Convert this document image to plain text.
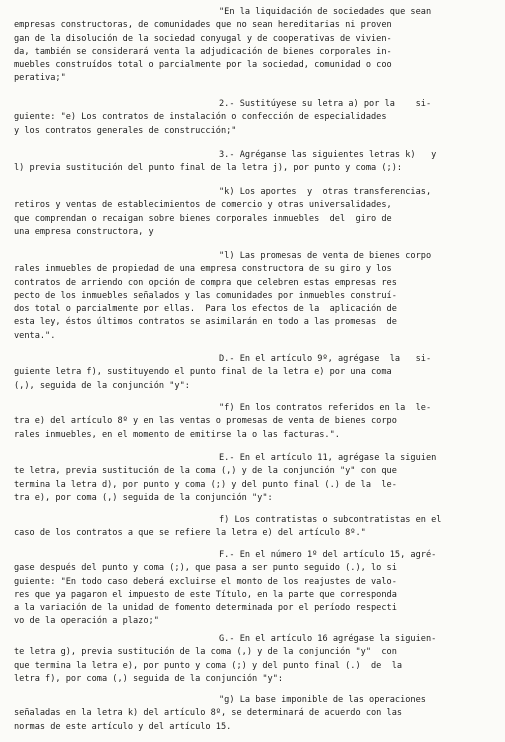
"En la liquidación de sociedades que sean
empresas constructoras, de comunidades que no sean hereditarias ni proven
gan de la disolución de la sociedad conyugal y de cooperativas de vivien-
da, también se considerará venta la adjudicación de bienes corporales in-
muebles construídos total o parcialmente por la sociedad, comunidad o coo
perativa;"
2.- Sustitúyese su letra a) por la    si-
guiente: "e) Los contratos de instalación o confección de especialidades
y los contratos generales de construcción;"
3.- Agréganse las siguientes letras k)   y
l) previa sustitución del punto final de la letra j), por punto y coma (;):
"k) Los aportes  y  otras transferencias,
retiros y ventas de establecimientos de comercio y otras universalidades,
que comprendan o recaigan sobre bienes corporales inmuebles  del  giro de
una empresa constructora, y
"l) Las promesas de venta de bienes corpo
rales inmuebles de propiedad de una empresa constructora de su giro y los
contratos de arriendo con opción de compra que celebren estas empresas res
pecto de los inmuebles señalados y las comunidades por inmuebles construí-
dos total o parcialmente por ellas.  Para los efectos de la  aplicación de
esta ley, éstos últimos contratos se asimilarán en todo a las promesas  de
venta.".
D.- En el artículo 9º, agrégase  la   si-
guiente letra f), sustituyendo el punto final de la letra e) por una coma
(,), seguida de la conjunción "y":
"f) En los contratos referidos en la  le-
tra e) del artículo 8º y en las ventas o promesas de venta de bienes corpo
rales inmuebles, en el momento de emitirse la o las facturas.".
E.- En el artículo 11, agrégase la siguien
te letra, previa sustitución de la coma (,) y de la conjunción "y" con que
termina la letra d), por punto y coma (;) y del punto final (.) de la  le-
tra e), por coma (,) seguida de la conjunción "y":
f) Los contratistas o subcontratistas en el
caso de los contratos a que se refiere la letra e) del artículo 8º."
F.- En el número 1º del artículo 15, agré-
gase después del punto y coma (;), que pasa a ser punto seguido (.), lo si
guiente: "En todo caso deberá excluirse el monto de los reajustes de valo-
res que ya pagaron el impuesto de este Título, en la parte que corresponda
a la variación de la unidad de fomento determinada por el período respecti
vo de la operación a plazo;"
G.- En el artículo 16 agrégase la siguien-
te letra g), previa sustitución de la coma (,) y de la conjunción "y"  con
que termina la letra e), por punto y coma (;) y del punto final (.)  de  la
letra f), por coma (,) seguida de la conjunción "y":
"g) La base imponible de las operaciones
señaladas en la letra k) del artículo 8º, se determinará de acuerdo con las
normas de este artículo y del artículo 15.
